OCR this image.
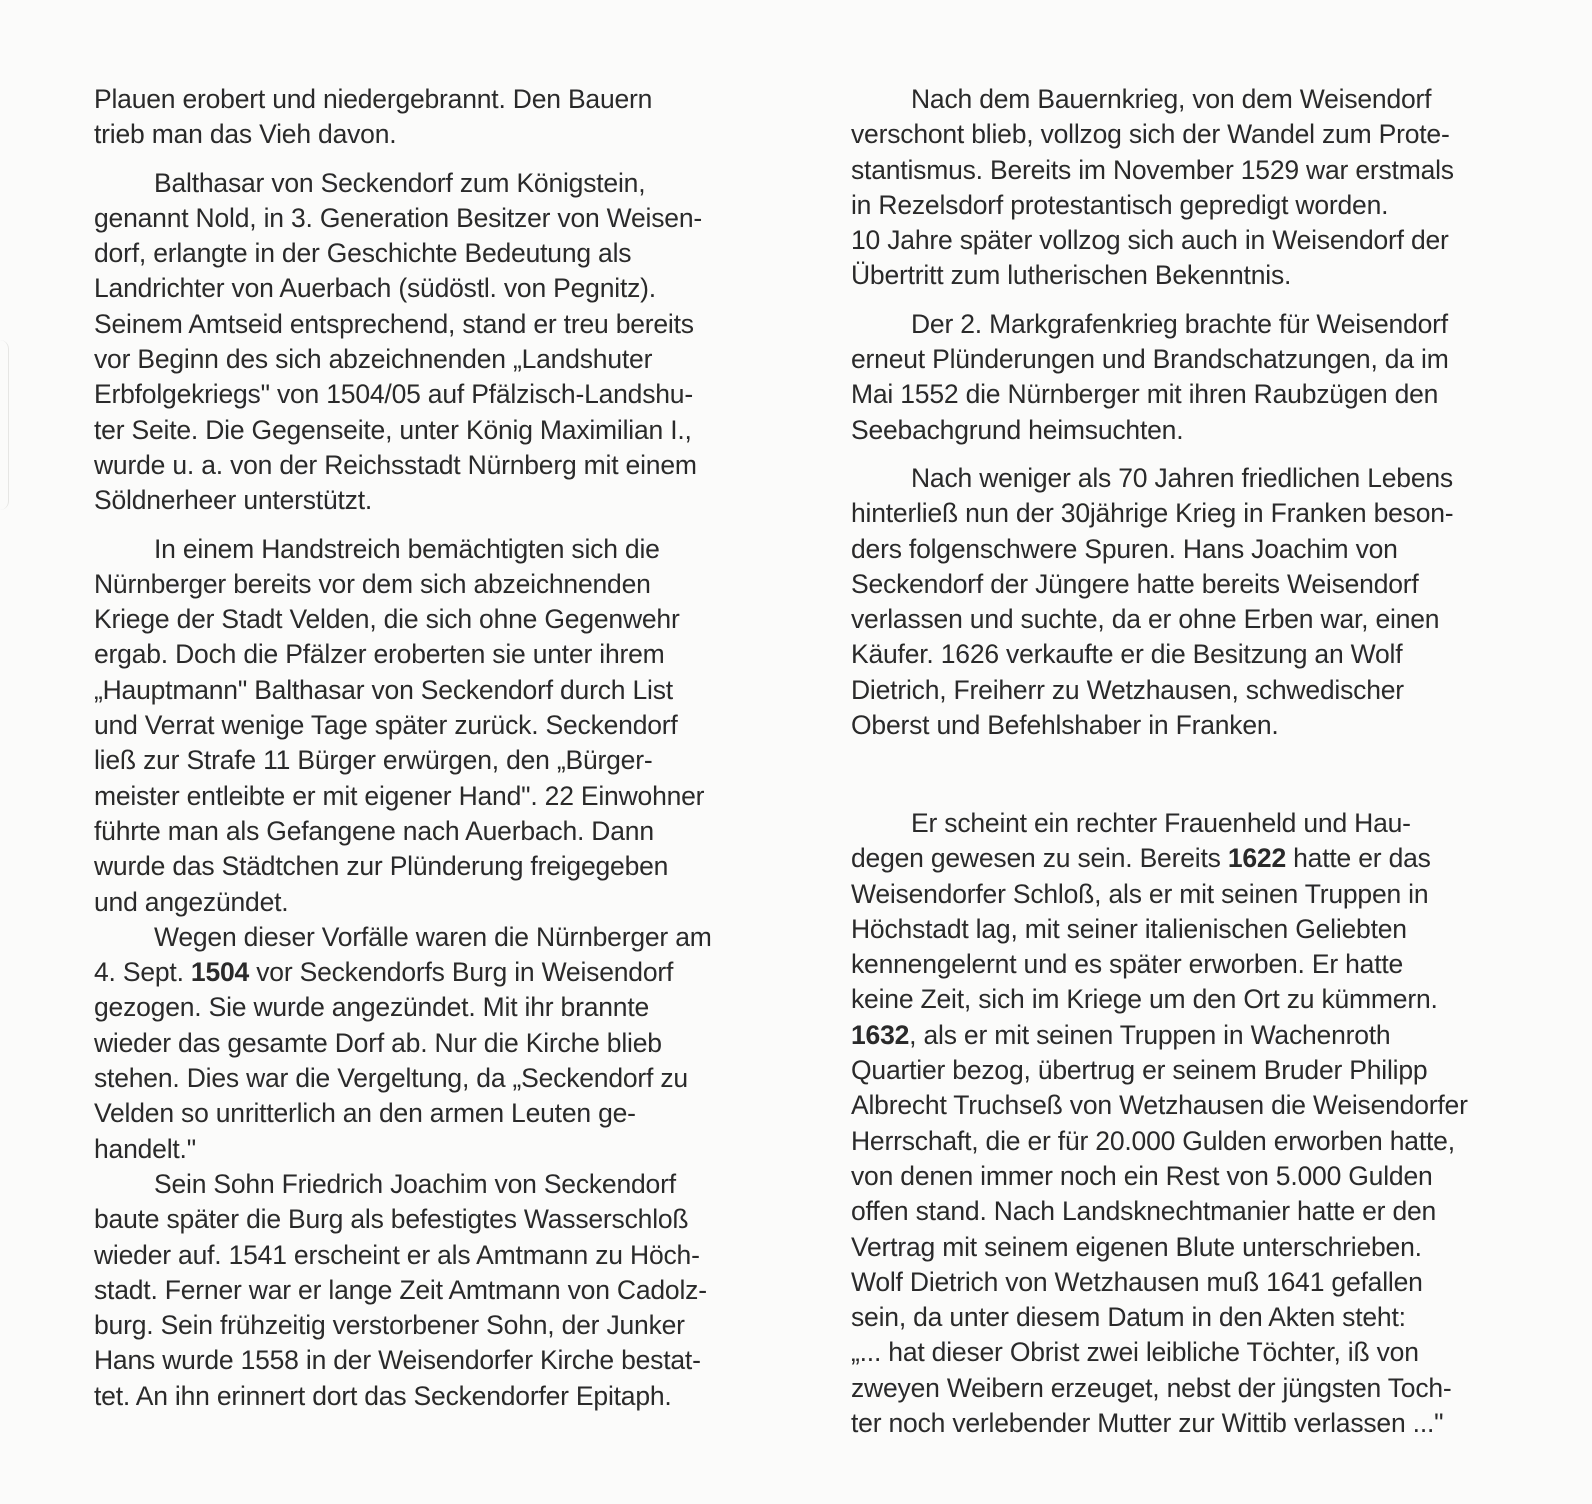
Plauen erobert und niedergebrannt. Den Bauern
trieb man das Vieh davon.
Balthasar von Seckendorf zum Königstein,
genannt Nold, in 3. Generation Besitzer von Weisen-
dorf, erlangte in der Geschichte Bedeutung als
Landrichter von Auerbach (südöstl. von Pegnitz).
Seinem Amtseid entsprechend, stand er treu bereits
vor Beginn des sich abzeichnenden „Landshuter
Erbfolgekriegs" von 1504/05 auf Pfälzisch-Landshu-
ter Seite. Die Gegenseite, unter König Maximilian I.,
wurde u. a. von der Reichsstadt Nürnberg mit einem
Söldnerheer unterstützt.
In einem Handstreich bemächtigten sich die
Nürnberger bereits vor dem sich abzeichnenden
Kriege der Stadt Velden, die sich ohne Gegenwehr
ergab. Doch die Pfälzer eroberten sie unter ihrem
„Hauptmann" Balthasar von Seckendorf durch List
und Verrat wenige Tage später zurück. Seckendorf
ließ zur Strafe 11 Bürger erwürgen, den „Bürger-
meister entleibte er mit eigener Hand". 22 Einwohner
führte man als Gefangene nach Auerbach. Dann
wurde das Städtchen zur Plünderung freigegeben
und angezündet.
Wegen dieser Vorfälle waren die Nürnberger am
4. Sept. 1504 vor Seckendorfs Burg in Weisendorf
gezogen. Sie wurde angezündet. Mit ihr brannte
wieder das gesamte Dorf ab. Nur die Kirche blieb
stehen. Dies war die Vergeltung, da „Seckendorf zu
Velden so unritterlich an den armen Leuten ge-
handelt."
Sein Sohn Friedrich Joachim von Seckendorf
baute später die Burg als befestigtes Wasserschloß
wieder auf. 1541 erscheint er als Amtmann zu Höch-
stadt. Ferner war er lange Zeit Amtmann von Cadolz-
burg. Sein frühzeitig verstorbener Sohn, der Junker
Hans wurde 1558 in der Weisendorfer Kirche bestat-
tet. An ihn erinnert dort das Seckendorfer Epitaph.
Nach dem Bauernkrieg, von dem Weisendorf
verschont blieb, vollzog sich der Wandel zum Prote-
stantismus. Bereits im November 1529 war erstmals
in Rezelsdorf protestantisch gepredigt worden.
10 Jahre später vollzog sich auch in Weisendorf der
Übertritt zum lutherischen Bekenntnis.
Der 2. Markgrafenkrieg brachte für Weisendorf
erneut Plünderungen und Brandschatzungen, da im
Mai 1552 die Nürnberger mit ihren Raubzügen den
Seebachgrund heimsuchten.
Nach weniger als 70 Jahren friedlichen Lebens
hinterließ nun der 30jährige Krieg in Franken beson-
ders folgenschwere Spuren. Hans Joachim von
Seckendorf der Jüngere hatte bereits Weisendorf
verlassen und suchte, da er ohne Erben war, einen
Käufer. 1626 verkaufte er die Besitzung an Wolf
Dietrich, Freiherr zu Wetzhausen, schwedischer
Oberst und Befehlshaber in Franken.
Er scheint ein rechter Frauenheld und Hau-
degen gewesen zu sein. Bereits 1622 hatte er das
Weisendorfer Schloß, als er mit seinen Truppen in
Höchstadt lag, mit seiner italienischen Geliebten
kennengelernt und es später erworben. Er hatte
keine Zeit, sich im Kriege um den Ort zu kümmern.
1632, als er mit seinen Truppen in Wachenroth
Quartier bezog, übertrug er seinem Bruder Philipp
Albrecht Truchseß von Wetzhausen die Weisendorfer
Herrschaft, die er für 20.000 Gulden erworben hatte,
von denen immer noch ein Rest von 5.000 Gulden
offen stand. Nach Landsknechtmanier hatte er den
Vertrag mit seinem eigenen Blute unterschrieben.
Wolf Dietrich von Wetzhausen muß 1641 gefallen
sein, da unter diesem Datum in den Akten steht:
„... hat dieser Obrist zwei leibliche Töchter, iß von
zweyen Weibern erzeuget, nebst der jüngsten Toch-
ter noch verlebender Mutter zur Wittib verlassen ..."
